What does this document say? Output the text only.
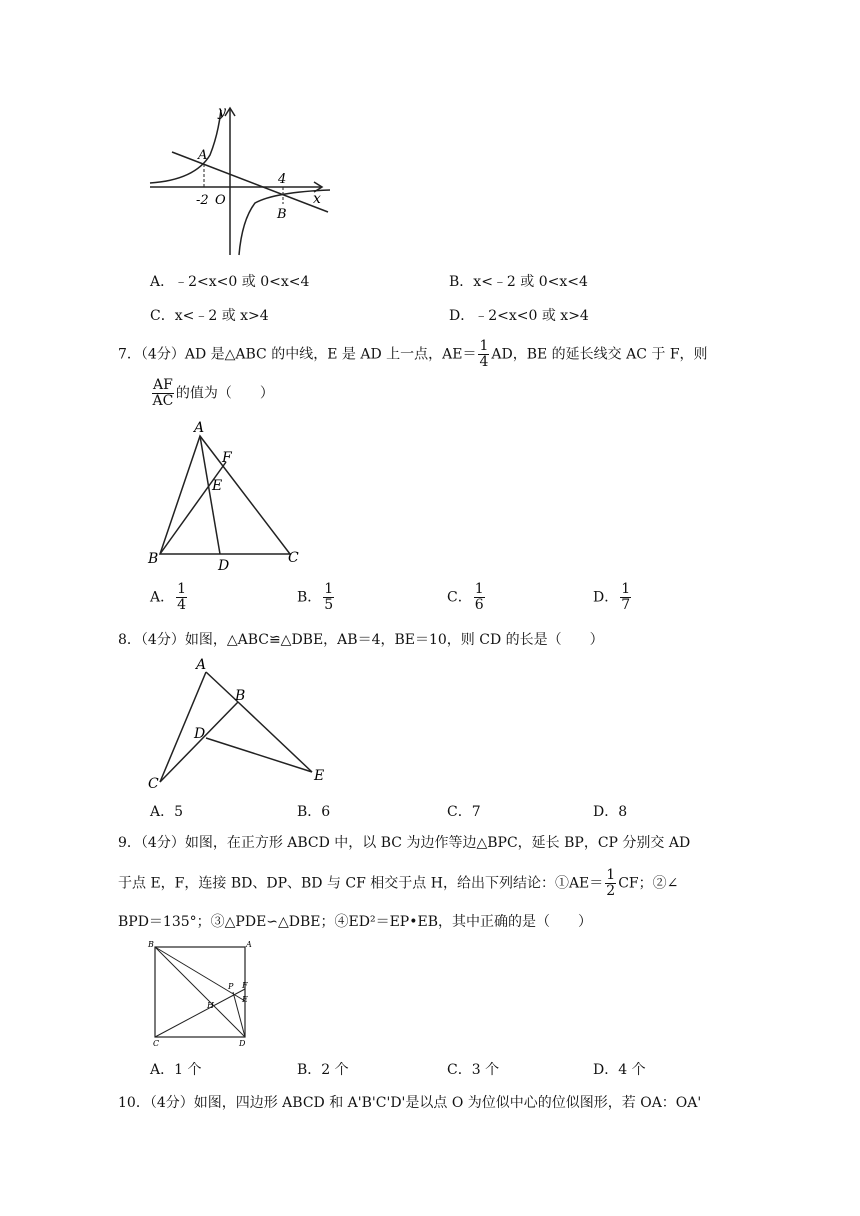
y
x
A
B
-2 O
4
A．﹣2<x<0 或 0<x<4	B．x<﹣2 或 0<x<4
C．x<﹣2 或 x>4	D．﹣2<x<0 或 x>4
7．（4分）AD 是△ABC 的中线，E 是 AD 上一点，$AE= \frac{1}{4}$ AD，BE 的延长线交 AC 于 F，则
$\frac{AF}{AC}$ 的值为（　　）
A
F
E
B	D	C
A． $\frac{1}{4}$	B． $\frac{1}{5}$	C． $\frac{1}{6}$	D． $\frac{1}{7}$
8．（4分）如图，△ABC≌△DBE，AB＝4，BE＝10，则 CD 的长是（　　）
A
B
D
C	E
A．5	B．6	C．7	D．8
9．（4分）如图，在正方形 ABCD 中，以 BC 为边作等边△BPC，延长 BP，CP 分别交 AD
于点 E，F，连接 BD、DP、BD 与 CF 相交于点 H，给出下列结论：①AE＝ $\frac{1}{2}$ CF；②∠
BPD＝135°；③△PDE∽△DBE；④ED²＝EP•EB，其中正确的是（　　）
B	A
P F
E
H
C	D
A．1 个	B．2 个	C．3 个	D．4 个
10．（4分）如图，四边形 ABCD 和 A'B'C'D'是以点 O 为位似中心的位似图形，若 OA：OA'
